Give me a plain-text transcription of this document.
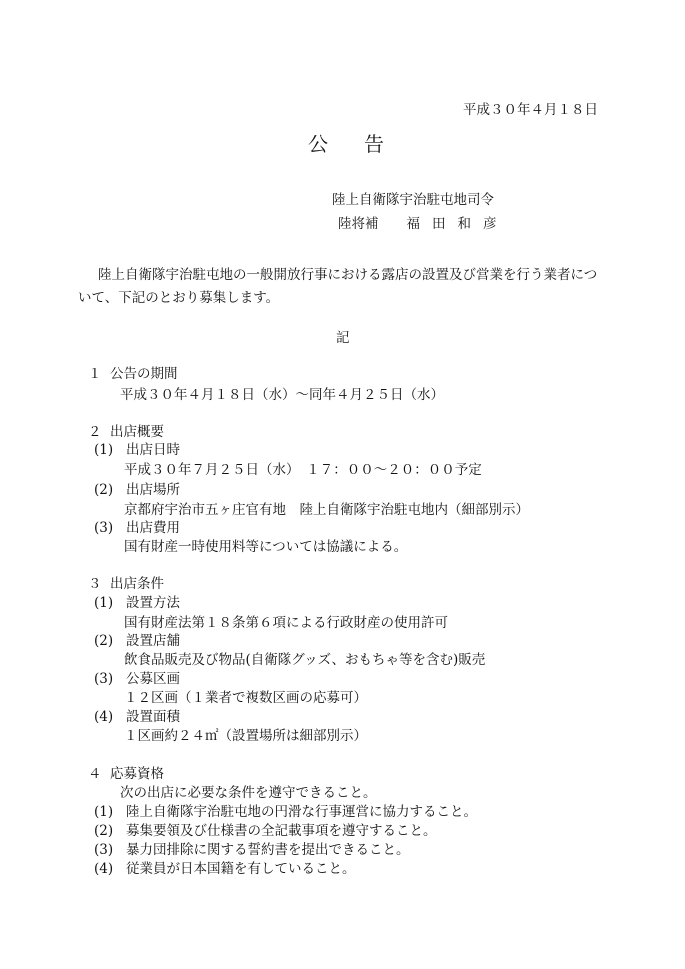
平成３０年４月１８日
公 告
陸上自衛隊宇治駐屯地司令
陸将補 福田和彦
陸上自衛隊宇治駐屯地の一般開放行事における露店の設置及び営業を行う業者につ
いて、下記のとおり募集します。
記
１ 公告の期間
平成３０年４月１８日（水）～同年４月２５日（水）
２ 出店概要
(1) 出店日時
平成３０年７月２５日（水）　１７：００～２０：００予定
(2) 出店場所
京都府宇治市五ヶ庄官有地　陸上自衛隊宇治駐屯地内（細部別示）
(3) 出店費用
国有財産一時使用料等については協議による。
３ 出店条件
(1) 設置方法
国有財産法第１８条第６項による行政財産の使用許可
(2) 設置店舗
飲食品販売及び物品(自衛隊グッズ、おもちゃ等を含む)販売
(3) 公募区画
１２区画（１業者で複数区画の応募可）
(4) 設置面積
１区画約２４㎡（設置場所は細部別示）
４ 応募資格
次の出店に必要な条件を遵守できること。
(1) 陸上自衛隊宇治駐屯地の円滑な行事運営に協力すること。
(2) 募集要領及び仕様書の全記載事項を遵守すること。
(3) 暴力団排除に関する誓約書を提出できること。
(4) 従業員が日本国籍を有していること。
